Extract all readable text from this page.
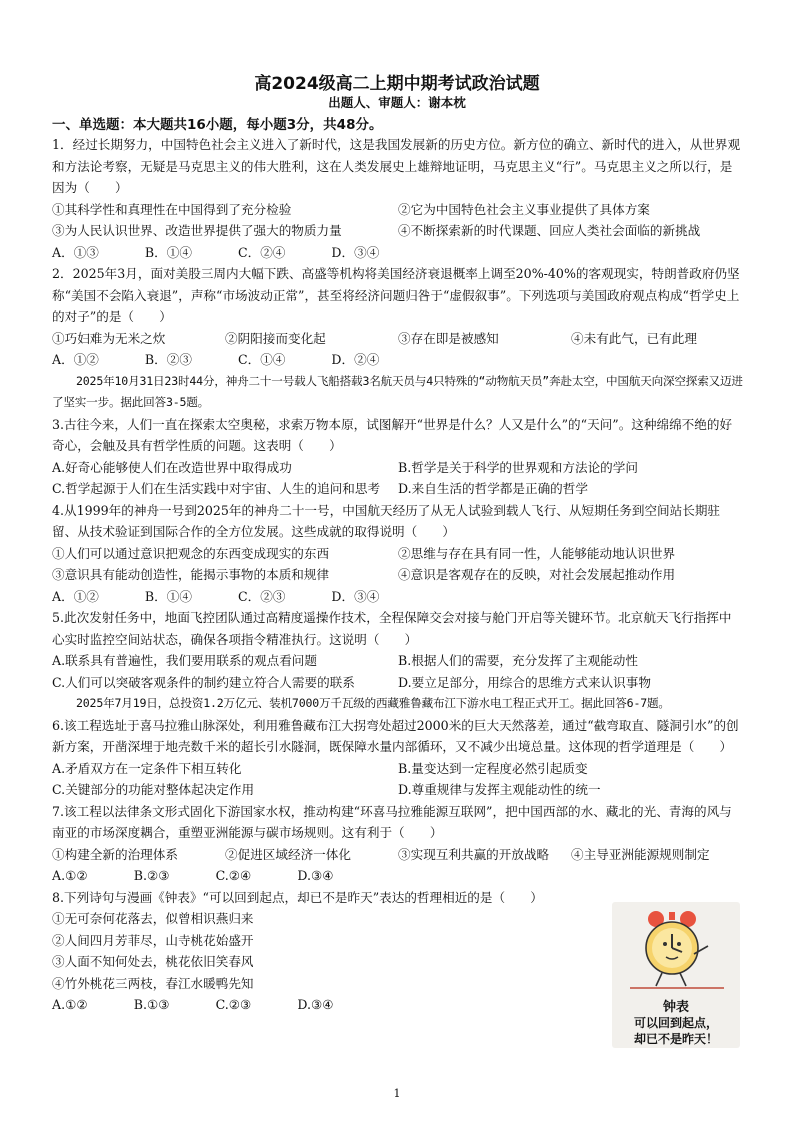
高2024级高二上期中期考试政治试题
出题人、审题人：谢本枕
一、单选题：本大题共16小题，每小题3分，共48分。

1．经过长期努力，中国特色社会主义进入了新时代，这是我国发展新的历史方位。新方位的确立、新时代的进入，从世界观和方法论考察，无疑是马克思主义的伟大胜利，这在人类发展史上雄辩地证明，马克思主义“行”。马克思主义之所以行，是因为（　　）

①其科学性和真理性在中国得到了充分检验	②它为中国特色社会主义事业提供了具体方案
③为人民认识世界、改造世界提供了强大的物质力量	④不断探索新的时代课题、回应人类社会面临的新挑战
A．①③	B．①④	C．②④	D．③④

2．2025年3月，面对美股三周内大幅下跌、高盛等机构将美国经济衰退概率上调至20%-40%的客观现实，特朗普政府仍坚称“美国不会陷入衰退”，声称“市场波动正常”，甚至将经济问题归咎于“虚假叙事”。下列选项与美国政府观点构成“哲学史上的对子”的是（　　）

①巧妇难为无米之炊	②阴阳接而变化起	③存在即是被感知	④未有此气，已有此理
A．①②	B．②③	C．①④	D．②④

2025年10月31日23时44分，神舟二十一号载人飞船搭载3名航天员与4只特殊的“动物航天员”奔赴太空，中国航天向深空探索又迈进了坚实一步。据此回答3-5题。

3.古往今来，人们一直在探索太空奥秘，求索万物本原，试图解开“世界是什么？人又是什么”的“天问”。这种绵绵不绝的好奇心，会触及具有哲学性质的问题。这表明（　　）

A.好奇心能够使人们在改造世界中取得成功	B.哲学是关于科学的世界观和方法论的学问
C.哲学起源于人们在生活实践中对宇宙、人生的追问和思考	D.来自生活的哲学都是正确的哲学

4.从1999年的神舟一号到2025年的神舟二十一号，中国航天经历了从无人试验到载人飞行、从短期任务到空间站长期驻留、从技术验证到国际合作的全方位发展。这些成就的取得说明（　　）

①人们可以通过意识把观念的东西变成现实的东西	②思维与存在具有同一性，人能够能动地认识世界
③意识具有能动创造性，能揭示事物的本质和规律	④意识是客观存在的反映，对社会发展起推动作用
A．①②	B．①④	C．②③	D．③④

5.此次发射任务中，地面飞控团队通过高精度遥操作技术，全程保障交会对接与舱门开启等关键环节。北京航天飞行指挥中心实时监控空间站状态，确保各项指令精准执行。这说明（　　）

A.联系具有普遍性，我们要用联系的观点看问题	B.根据人们的需要，充分发挥了主观能动性
C.人们可以突破客观条件的制约建立符合人需要的联系	D.要立足部分，用综合的思维方式来认识事物

2025年7月19日，总投资1.2万亿元、装机7000万千瓦级的西藏雅鲁藏布江下游水电工程正式开工。据此回答6-7题。

6.该工程选址于喜马拉雅山脉深处，利用雅鲁藏布江大拐弯处超过2000米的巨大天然落差，通过“截弯取直、隧洞引水”的创新方案，开凿深埋于地壳数千米的超长引水隧洞，既保障水量内部循环，又不减少出境总量。这体现的哲学道理是（　　）

A.矛盾双方在一定条件下相互转化	B.量变达到一定程度必然引起质变
C.关键部分的功能对整体起决定作用	D.尊重规律与发挥主观能动性的统一

7.该工程以法律条文形式固化下游国家水权，推动构建“环喜马拉雅能源互联网”，把中国西部的水、藏北的光、青海的风与南亚的市场深度耦合，重塑亚洲能源与碳市场规则。这有利于（　　）

①构建全新的治理体系	②促进区域经济一体化	③实现互利共赢的开放战略	④主导亚洲能源规则制定
A.①②	B.②③	C.②④	D.③④

8.下列诗句与漫画《钟表》“可以回到起点，却已不是昨天”表达的哲理相近的是（　　）

①无可奈何花落去，似曾相识燕归来
②人间四月芳菲尽，山寺桃花始盛开
③人面不知何处去，桃花依旧笑春风
④竹外桃花三两枝，春江水暖鸭先知
A.①②	B.①③	C.②③	D.③④	钟表
可以回到起点，
却已不是昨天！
1
